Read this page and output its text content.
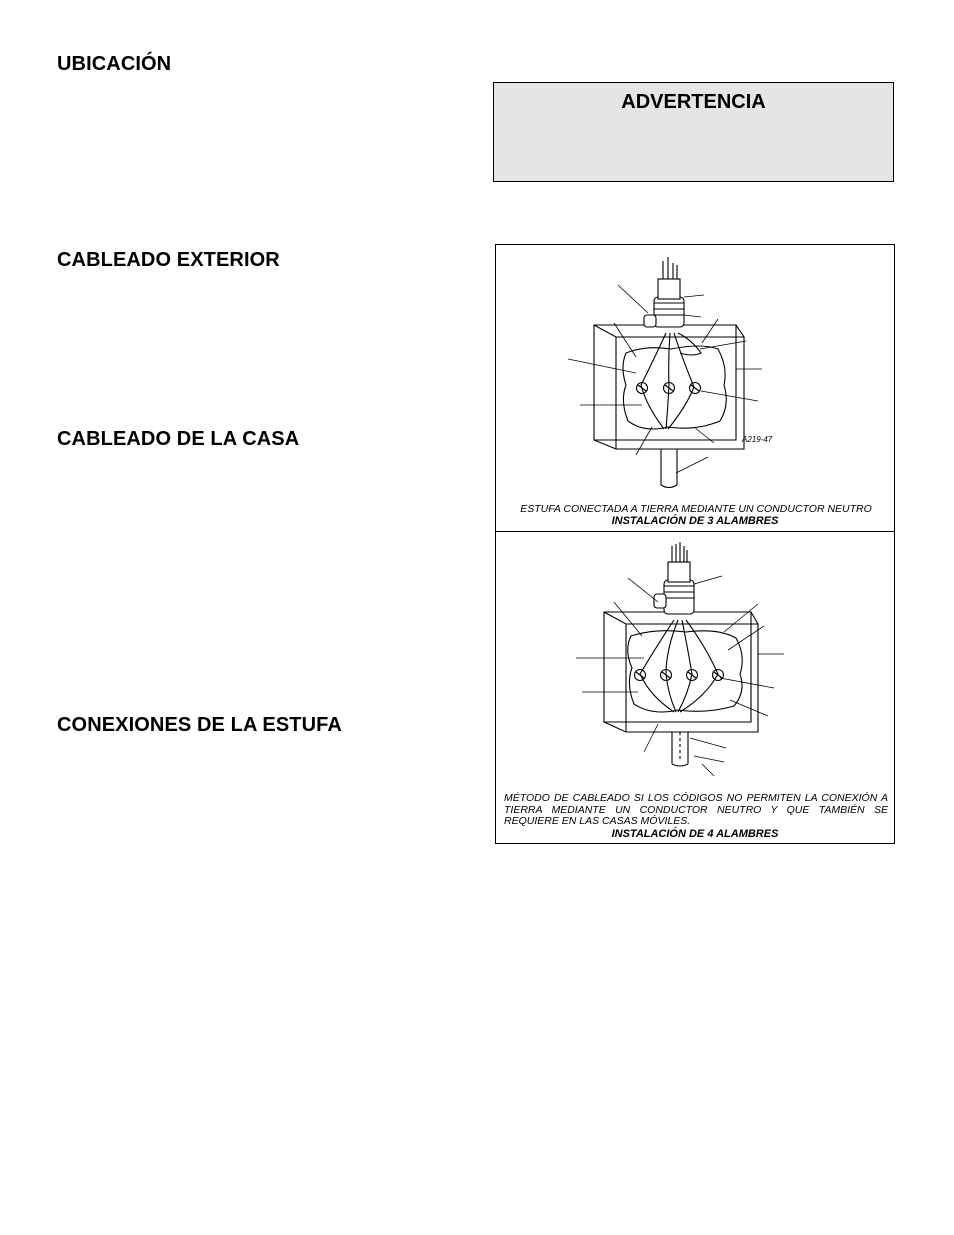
UBICACIÓN
CABLEADO EXTERIOR
CABLEADO DE LA CASA
CONEXIONES DE LA ESTUFA
ADVERTENCIA
A219-47
ESTUFA CONECTADA A TIERRA MEDIANTE UN CONDUCTOR NEUTRO
INSTALACIÓN DE 3 ALAMBRES
MÉTODO DE CABLEADO SI LOS CÓDIGOS NO PERMITEN LA CONEXIÓN A TIERRA MEDIANTE UN CONDUCTOR NEUTRO Y QUE TAMBIÉN SE REQUIERE EN LAS CASAS MÓVILES.
INSTALACIÓN DE 4 ALAMBRES
